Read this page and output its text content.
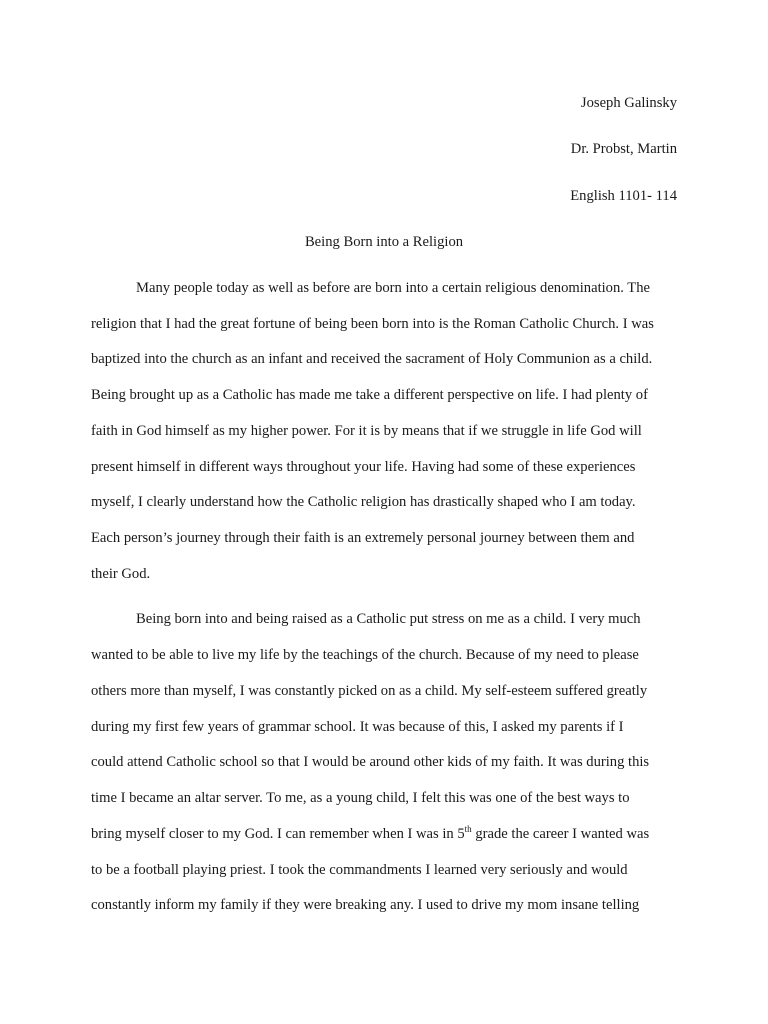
Joseph Galinsky
Dr. Probst, Martin
English 1101- 114
Being Born into a Religion
Many people today as well as before are born into a certain religious denomination. The
religion that I had the great fortune of being been born into is the Roman Catholic Church. I was
baptized into the church as an infant and received the sacrament of Holy Communion as a child.
Being brought up as a Catholic has made me take a different perspective on life. I had plenty of
faith in God himself as my higher power. For it is by means that if we struggle in life God will
present himself in different ways throughout your life. Having had some of these experiences
myself, I clearly understand how the Catholic religion has drastically shaped who I am today.
Each person’s journey through their faith is an extremely personal journey between them and
their God.
Being born into and being raised as a Catholic put stress on me as a child. I very much
wanted to be able to live my life by the teachings of the church. Because of my need to please
others more than myself, I was constantly picked on as a child. My self-esteem suffered greatly
during my first few years of grammar school. It was because of this, I asked my parents if I
could attend Catholic school so that I would be around other kids of my faith. It was during this
time I became an altar server. To me, as a young child, I felt this was one of the best ways to
bring myself closer to my God. I can remember when I was in 5th grade the career I wanted was
to be a football playing priest. I took the commandments I learned very seriously and would
constantly inform my family if they were breaking any. I used to drive my mom insane telling
